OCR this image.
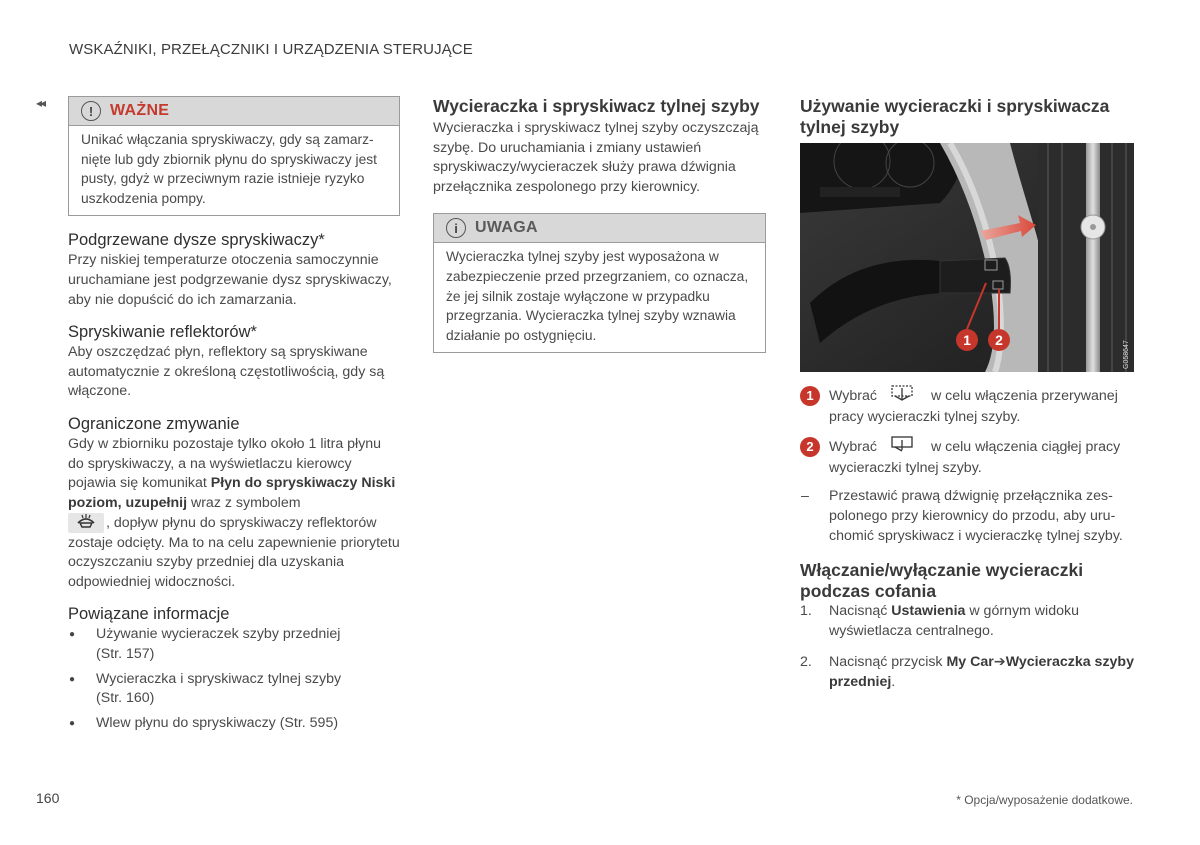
WSKAŹNIKI, PRZEŁĄCZNIKI I URZĄDZENIA STERUJĄCE
◂◂
!	WAŻNE

Unikać włączania spryskiwaczy, gdy są zamarznięte lub gdy zbiornik płynu do spryskiwaczy jest pusty, gdyż w przeciwnym razie istnieje ryzyko uszkodzenia pompy.

Podgrzewane dysze spryskiwaczy*

Przy niskiej temperaturze otoczenia samoczynnie uruchamiane jest podgrzewanie dysz spryskiwaczy, aby nie dopuścić do ich zamarzania.

Spryskiwanie reflektorów*

Aby oszczędzać płyn, reflektory są spryskiwane automatycznie z określoną częstotliwością, gdy są włączone.

Ograniczone zmywanie

Gdy w zbiorniku pozostaje tylko około 1 litra płynu do spryskiwaczy, a na wyświetlaczu kierowcy pojawia się komunikat Płyn do spryskiwaczy Niski poziom, uzupełnij wraz z symbolem
, dopływ płynu do spryskiwaczy reflektorów zostaje odcięty. Ma to na celu zapewnienie priorytetu oczyszczaniu szyby przedniej dla uzyskania odpowiedniej widoczności.

Powiązane informacje
● Używanie wycieraczek szyby przedniej
(Str. 157)
● Wycieraczka i spryskiwacz tylnej szyby
(Str. 160)
● Wlew płynu do spryskiwaczy (Str. 595)
Wycieraczka i spryskiwacz tylnej szyby

Wycieraczka i spryskiwacz tylnej szyby oczyszczają szybę. Do uruchamiania i zmiany ustawień spryskiwaczy/wycieraczek służy prawa dźwignia przełącznika zespolonego przy kierownicy.

i	UWAGA

Wycieraczka tylnej szyby jest wyposażona w zabezpieczenie przed przegrzaniem, co oznacza, że jej silnik zostaje wyłączone w przypadku przegrzania. Wycieraczka tylnej szyby wznawia działanie po ostygnięciu.

Używanie wycieraczki i spryskiwacza tylnej szyby
1 2
G058647
1	Wybrać	w celu włączenia przerywanej pracy wycieraczki tylnej szyby.
2	Wybrać	w celu włączenia ciągłej pracy wycieraczki tylnej szyby.
– Przestawić prawą dźwignię przełącznika zespolonego przy kierownicy do przodu, aby uruchomić spryskiwacz i wycieraczkę tylnej szyby.
Włączanie/wyłączanie wycieraczki podczas cofania
1. Nacisnąć Ustawienia w górnym widoku wyświetlacza centralnego.
2. Nacisnąć przycisk My Car➔Wycieraczka szyby przedniej.
160	* Opcja/wyposażenie dodatkowe.
